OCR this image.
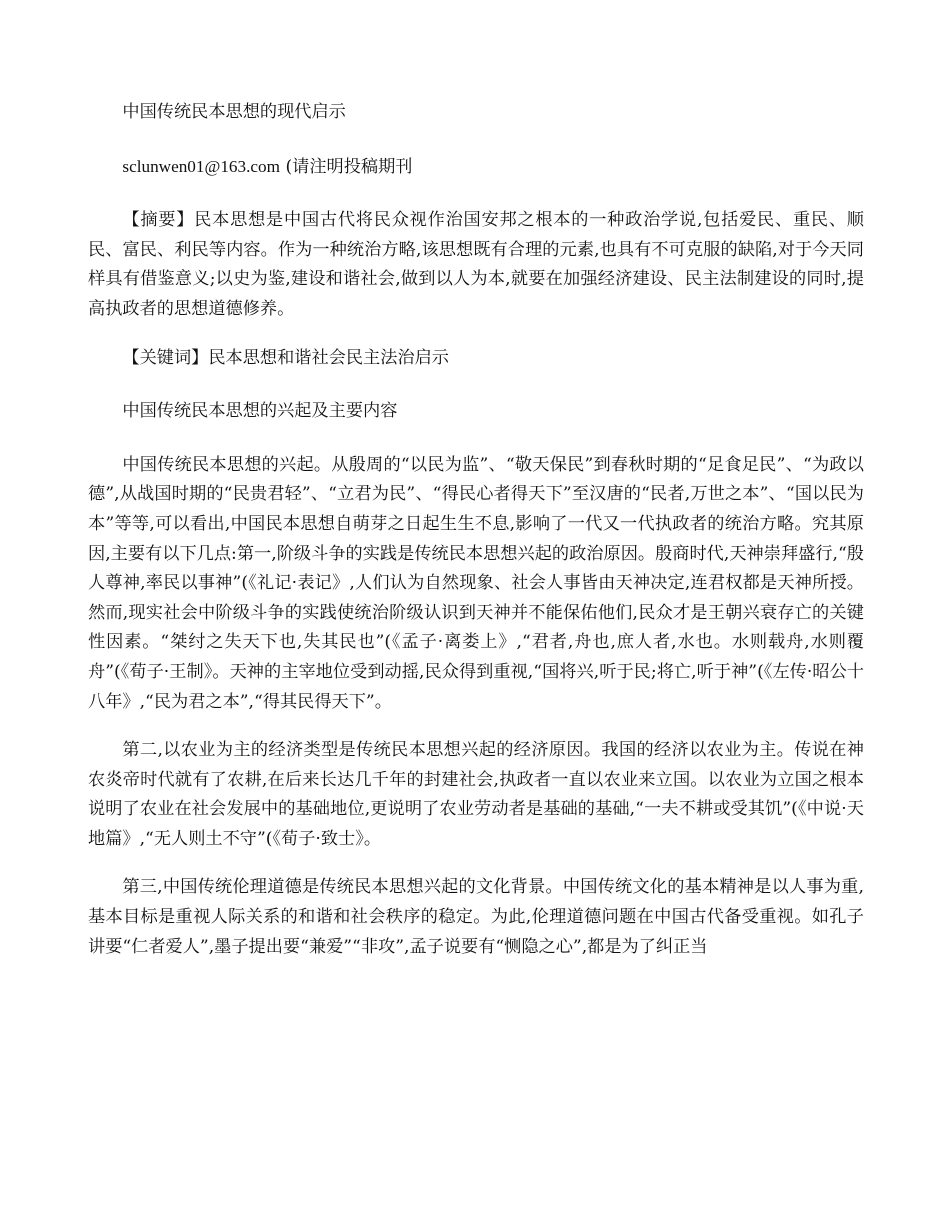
中国传统民本思想的现代启示

sclunwen01@163.com (请注明投稿期刊

【摘要】民本思想是中国古代将民众视作治国安邦之根本的一种政治学说,包括爱民、重民、顺民、富民、利民等内容。作为一种统治方略,该思想既有合理的元素,也具有不可克服的缺陷,对于今天同样具有借鉴意义;以史为鉴,建设和谐社会,做到以人为本,就要在加强经济建设、民主法制建设的同时,提高执政者的思想道德修养。

【关键词】民本思想和谐社会民主法治启示

中国传统民本思想的兴起及主要内容

中国传统民本思想的兴起。从殷周的“以民为监”、“敬天保民”到春秋时期的“足食足民”、“为政以德”,从战国时期的“民贵君轻”、“立君为民”、“得民心者得天下”至汉唐的“民者,万世之本”、“国以民为本”等等,可以看出,中国民本思想自萌芽之日起生生不息,影响了一代又一代执政者的统治方略。究其原因,主要有以下几点:第一,阶级斗争的实践是传统民本思想兴起的政治原因。殷商时代,天神崇拜盛行,“殷人尊神,率民以事神”(《礼记·表记》,人们认为自然现象、社会人事皆由天神决定,连君权都是天神所授。然而,现实社会中阶级斗争的实践使统治阶级认识到天神并不能保佑他们,民众才是王朝兴衰存亡的关键性因素。“桀纣之失天下也,失其民也”(《孟子·离娄上》,“君者,舟也,庶人者,水也。水则载舟,水则覆舟”(《荀子·王制》。天神的主宰地位受到动摇,民众得到重视,“国将兴,听于民;将亡,听于神”(《左传·昭公十八年》,“民为君之本”,“得其民得天下”。

第二,以农业为主的经济类型是传统民本思想兴起的经济原因。我国的经济以农业为主。传说在神农炎帝时代就有了农耕,在后来长达几千年的封建社会,执政者一直以农业来立国。以农业为立国之根本说明了农业在社会发展中的基础地位,更说明了农业劳动者是基础的基础,“一夫不耕或受其饥”(《中说·天地篇》,“无人则土不守”(《荀子·致士》。

第三,中国传统伦理道德是传统民本思想兴起的文化背景。中国传统文化的基本精神是以人事为重,基本目标是重视人际关系的和谐和社会秩序的稳定。为此,伦理道德问题在中国古代备受重视。如孔子讲要“仁者爱人”,墨子提出要“兼爱”“非攻”,孟子说要有“恻隐之心”,都是为了纠正当
